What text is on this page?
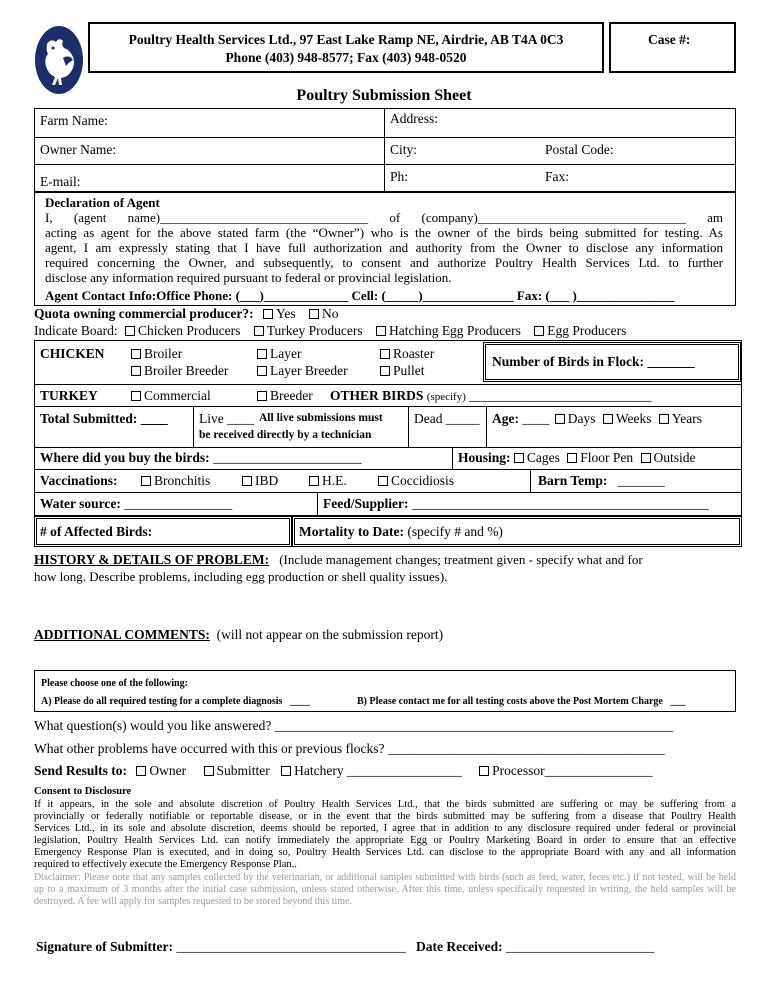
Poultry Health Services Ltd., 97 East Lake Ramp NE, Airdrie, AB T4A 0C3
Phone (403) 948-8577; Fax (403) 948-0520
Case #:
Poultry Submission Sheet
Farm Name:	Address:
Owner Name:	City:	Postal Code:
E-mail:	Ph:	Fax:
Declaration of Agent
I, (agent name)________________________________ of (company)________________________________ am
acting as agent for the above stated farm (the “Owner”) who is the owner of the birds being submitted for testing. As
agent, I am expressly stating that I have full authorization and authority from the Owner to disclose any information
required concerning the Owner, and subsequently, to consent and authorize Poultry Health Services Ltd. to further
disclose any information required pursuant to federal or provincial legislation.
Agent Contact Info:Office Phone: (___)_____________ Cell: (_____)______________ Fax: (___ )_______________
Quota owning commercial producer?: Yes No
Indicate Board: Chicken Producers Turkey Producers Hatching Egg Producers Egg Producers
CHICKEN	Broiler	Layer	Roaster
Broiler Breeder	Layer Breeder	Pullet
Number of Birds in Flock: _______
TURKEY	Commercial	Breeder OTHER BIRDS (specify) ___________________________
Total Submitted: ____ Live ____ All live submissions must
be received directly by a technician
Dead _____ Age: ____ Days Weeks Years
Where did you buy the birds: ______________________	Housing: Cages Floor Pen Outside
Vaccinations:	Bronchitis	IBD	H.E.	Coccidiosis	Barn Temp: _______
Water source: ________________	Feed/Supplier: ____________________________________________
# of Affected Birds:	Mortality to Date: (specify # and %)
HISTORY & DETAILS OF PROBLEM: (Include management changes; treatment given - specify what and for
how long. Describe problems, including egg production or shell quality issues).
ADDITIONAL COMMENTS: (will not appear on the submission report)
Please choose one of the following:
A) Please do all required testing for a complete diagnosis ____	B) Please contact me for all testing costs above the Post Mortem Charge ___
What question(s) would you like answered? ___________________________________________________________
What other problems have occurred with this or previous flocks? _________________________________________
Send Results to: Owner Submitter Hatchery _________________ Processor________________
Consent to Disclosure
If it appears, in the sole and absolute discretion of Poultry Health Services Ltd., that the birds submitted are suffering or may be suffering from a
provincially or federally notifiable or reportable disease, or in the event that the birds submitted may be suffering from a disease that Poultry Health
Services Ltd., in its sole and absolute discretion, deems should be reported, I agree that in addition to any disclosure required under federal or provincial
legislation, Poultry Health Services Ltd. can notify immediately the appropriate Egg or Poultry Marketing Board in order to ensure that an effective
Emergency Response Plan is executed, and in doing so, Poultry Health Services Ltd. can disclose to the appropriate Board with any and all information
required to effectively execute the Emergency Response Plan..
Disclaimer: Please note that any samples collected by the veterinarian, or additional samples submitted with birds (such as feed, water, feces etc.) if not tested, will be held
up to a maximum of 3 months after the initial case submission, unless stated otherwise. After this time, unless specifically requested in writing, the held samples will be
destroyed. A fee will apply for samples requested to be stored beyond this time.
Signature of Submitter: __________________________________ Date Received: ______________________
